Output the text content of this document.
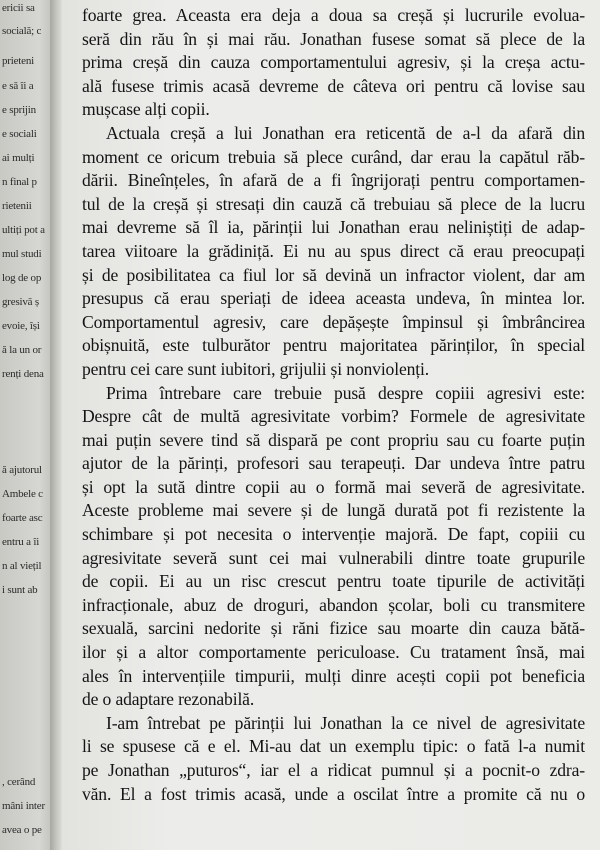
ericii sa
socială; c
prieteni
e să îi a
e sprijin
e sociali
ai mulți
n final p
rietenii
ultiți pot a
mul studi
log de op
gresivă ș
evoie, își
ă la un or
renți dena
ă ajutorul
Ambele c
foarte asc
entru a îi
n al viețil
i sunt ab
, cerând
mâni inter
avea o pe
foarte grea. Aceasta era deja a doua sa creșă și lucrurile evolua-
seră din rău în și mai rău. Jonathan fusese somat să plece de la
prima creșă din cauza comportamentului agresiv, și la creșa actu-
ală fusese trimis acasă devreme de câteva ori pentru că lovise sau
mușcase alți copii.
Actuala creșă a lui Jonathan era reticentă de a-l da afară din
moment ce oricum trebuia să plece curând, dar erau la capătul răb-
dării. Bineînțeles, în afară de a fi îngrijorați pentru comportamen-
tul de la creșă și stresați din cauză că trebuiau să plece de la lucru
mai devreme să îl ia, părinții lui Jonathan erau neliniștiți de adap-
tarea viitoare la grădiniță. Ei nu au spus direct că erau preocupați
și de posibilitatea ca fiul lor să devină un infractor violent, dar am
presupus că erau speriați de ideea aceasta undeva, în mintea lor.
Comportamentul agresiv, care depășește împinsul și îmbrâncirea
obișnuită, este tulburător pentru majoritatea părinților, în special
pentru cei care sunt iubitori, grijulii și nonviolenți.
Prima întrebare care trebuie pusă despre copiii agresivi este:
Despre cât de multă agresivitate vorbim? Formele de agresivitate
mai puțin severe tind să dispară pe cont propriu sau cu foarte puțin
ajutor de la părinți, profesori sau terapeuți. Dar undeva între patru
și opt la sută dintre copii au o formă mai severă de agresivitate.
Aceste probleme mai severe și de lungă durată pot fi rezistente la
schimbare și pot necesita o intervenție majoră. De fapt, copiii cu
agresivitate severă sunt cei mai vulnerabili dintre toate grupurile
de copii. Ei au un risc crescut pentru toate tipurile de activități
infracționale, abuz de droguri, abandon școlar, boli cu transmitere
sexuală, sarcini nedorite și răni fizice sau moarte din cauza bătă-
ilor și a altor comportamente periculoase. Cu tratament însă, mai
ales în intervențiile timpurii, mulți dinre acești copii pot beneficia
de o adaptare rezonabilă.
I-am întrebat pe părinții lui Jonathan la ce nivel de agresivitate
li se spusese că e el. Mi-au dat un exemplu tipic: o fată l-a numit
pe Jonathan „puturos“, iar el a ridicat pumnul și a pocnit-o zdra-
văn. El a fost trimis acasă, unde a oscilat între a promite că nu o
